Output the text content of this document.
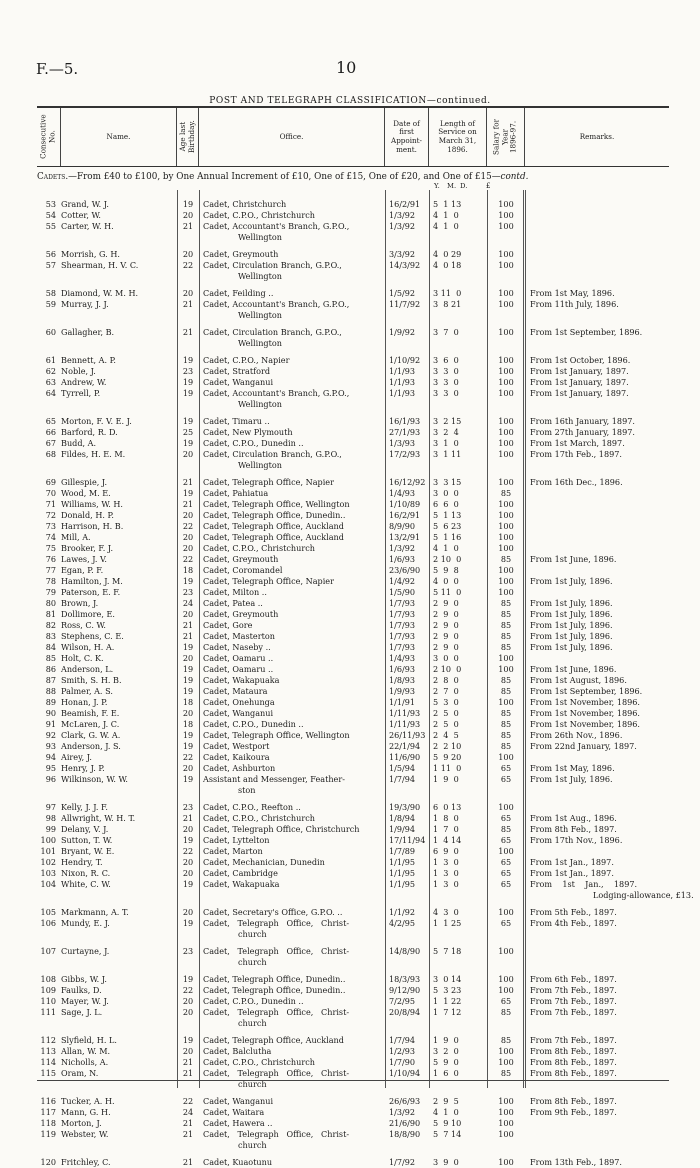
F.—5.	10
POST AND TELEGRAPH CLASSIFICATION—continued.
Consecutive No.	Name.	Age last Birthday.	Office.
Date of first Appoint-ment.
Length of Service on March 31, 1896.	Salary for Year 1896-97.	Remarks.
Cadets.—From £40 to £100, by One Annual Increment of £10, One of £15, One of £20, and One of £15—contd.
Y. M. D.	£
53 Grand, W. J.	19	Cadet, Christchurch	16/2/91 5  1 13	100
54 Cotter, W.	20	Cadet, C.P.O., Christchurch	1/3/92 4  1  0	100
55 Carter, W. H.	21	Cadet, Accountant's Branch, G.P.O.,	1/3/92 4  1  0	100
Wellington
56 Morrish, G. H.	20	Cadet, Greymouth	3/3/92 4  0 29	100
57 Shearman, H. V. C.	22	Cadet, Circulation Branch, G.P.O.,	14/3/92 4  0 18	100
Wellington
58 Diamond, W. M. H.	20	Cadet, Feilding ..	1/5/92 3 11  0	100	From 1st May, 1896.
59 Murray, J. J.	21	Cadet, Accountant's Branch, G.P.O.,	11/7/92 3  8 21	100	From 11th July, 1896.
Wellington
60 Gallagher, B.	21	Cadet, Circulation Branch, G.P.O.,	1/9/92 3  7  0	100	From 1st September, 1896.
Wellington
61 Bennett, A. P.	19	Cadet, C.P.O., Napier	1/10/92 3  6  0	100	From 1st October, 1896.
62 Noble, J.	23	Cadet, Stratford	1/1/93 3  3  0	100	From 1st January, 1897.
63 Andrew, W.	19	Cadet, Wanganui	1/1/93 3  3  0	100	From 1st January, 1897.
64 Tyrrell, P.	19	Cadet, Accountant's Branch, G.P.O.,	1/1/93 3  3  0	100	From 1st January, 1897.
Wellington
65 Morton, F. V. E. J.	19	Cadet, Timaru ..	16/1/93 3  2 15	100	From 16th January, 1897.
66 Barford, R. D.	25	Cadet, New Plymouth	27/1/93 3  2  4	100	From 27th January, 1897.
67 Budd, A.	19	Cadet, C.P.O., Dunedin ..	1/3/93 3  1  0	100	From 1st March, 1897.
68 Fildes, H. E. M.	20	Cadet, Circulation Branch, G.P.O.,	17/2/93 3  1 11	100	From 17th Feb., 1897.
Wellington
69 Gillespie, J.	21	Cadet, Telegraph Office, Napier	16/12/92 3  3 15	100	From 16th Dec., 1896.
70 Wood, M. E.	19	Cadet, Pahiatua	1/4/93 3  0  0	85
71 Williams, W. H.	21	Cadet, Telegraph Office, Wellington	1/10/89 6  6  0	100
72 Donald, H. P.	20	Cadet, Telegraph Office, Dunedin..	16/2/91 5  1 13	100
73 Harrison, H. B.	22	Cadet, Telegraph Office, Auckland	8/9/90 5  6 23	100
74 Mill, A.	20	Cadet, Telegraph Office, Auckland	13/2/91 5  1 16	100
75 Brooker, F. J.	20	Cadet, C.P.O., Christchurch	1/3/92 4  1  0	100
76 Lawes, J. V.	22	Cadet, Greymouth	1/6/93 2 10  0	85	From 1st June, 1896.
77 Egan, P. F.	18	Cadet, Coromandel	23/6/90 5  9  8	100
78 Hamilton, J. M.	19	Cadet, Telegraph Office, Napier	1/4/92 4  0  0	100	From 1st July, 1896.
79 Paterson, E. F.	23	Cadet, Milton ..	1/5/90 5 11  0	100
80 Brown, J.	24	Cadet, Patea ..	1/7/93 2  9  0	85	From 1st July, 1896.
81 Dollimore, E.	20	Cadet, Greymouth	1/7/93 2  9  0	85	From 1st July, 1896.
82 Ross, C. W.	21	Cadet, Gore	1/7/93 2  9  0	85	From 1st July, 1896.
83 Stephens, C. E.	21	Cadet, Masterton	1/7/93 2  9  0	85	From 1st July, 1896.
84 Wilson, H. A.	19	Cadet, Naseby ..	1/7/93 2  9  0	85	From 1st July, 1896.
85 Holt, C. K.	20	Cadet, Oamaru ..	1/4/93 3  0  0	100
86 Anderson, L.	19	Cadet, Oamaru ..	1/6/93 2 10  0	100	From 1st June, 1896.
87 Smith, S. H. B.	19	Cadet, Wakapuaka	1/8/93 2  8  0	85	From 1st August, 1896.
88 Palmer, A. S.	19	Cadet, Mataura	1/9/93 2  7  0	85	From 1st September, 1896.
89 Honan, J. P.	18	Cadet, Onehunga	1/1/91 5  3  0	100	From 1st November, 1896.
90 Beamish, F. E.	20	Cadet, Wanganui	1/11/93 2  5  0	85	From 1st November, 1896.
91 McLaren, J. C.	18	Cadet, C.P.O., Dunedin ..	1/11/93 2  5  0	85	From 1st November, 1896.
92 Clark, G. W. A.	19	Cadet, Telegraph Office, Wellington	26/11/93 2  4  5	85	From 26th Nov., 1896.
93 Anderson, J. S.	19	Cadet, Westport	22/1/94 2  2 10	85	From 22nd January, 1897.
94 Airey, J.	22	Cadet, Kaikoura	11/6/90 5  9 20	100
95 Henry, J. P.	20	Cadet, Ashburton	1/5/94 1 11  0	65	From 1st May, 1896.
96 Wilkinson, W. W.	19	Assistant and Messenger, Feather-	1/7/94 1  9  0	65	From 1st July, 1896.
ston
97 Kelly, J. J. F.	23	Cadet, C.P.O., Reefton ..	19/3/90 6  0 13	100
98 Allwright, W. H. T.	21	Cadet, C.P.O., Christchurch	1/8/94 1  8  0	65	From 1st Aug., 1896.
99 Delany, V. J.	20	Cadet, Telegraph Office, Christchurch	1/9/94 1  7  0	85	From 8th Feb., 1897.
100 Sutton, T. W.	19	Cadet, Lyttelton	17/11/94 1  4 14	65	From 17th Nov., 1896.
101 Bryant, W. E.	22	Cadet, Marton	1/7/89 6  9  0	100
102 Hendry, T.	20	Cadet, Mechanician, Dunedin	1/1/95 1  3  0	65	From 1st Jan., 1897.
103 Nixon, R. C.	20	Cadet, Cambridge	1/1/95 1  3  0	65	From 1st Jan., 1897.
104 White, C. W.	19	Cadet, Wakapuaka	1/1/95 1  3  0	65	From    1st    Jan.,    1897.
Lodging-allowance, £13.
105 Markmann, A. T.	20	Cadet, Secretary's Office, G.P.O. ..	1/1/92 4  3  0	100	From 5th Feb., 1897.
106 Mundy, E. J.	19	Cadet,   Telegraph   Office,   Christ-	4/2/95 1  1 25	65	From 4th Feb., 1897.
church
107 Curtayne, J.	23	Cadet,   Telegraph   Office,   Christ-	14/8/90 5  7 18	100
church
108 Gibbs, W. J.	19	Cadet, Telegraph Office, Dunedin..	18/3/93 3  0 14	100	From 6th Feb., 1897.
109 Faulks, D.	22	Cadet, Telegraph Office, Dunedin..	9/12/90 5  3 23	100	From 7th Feb., 1897.
110 Mayer, W. J.	20	Cadet, C.P.O., Dunedin ..	7/2/95 1  1 22	65	From 7th Feb., 1897.
111 Sage, J. L.	20	Cadet,   Telegraph   Office,   Christ-	20/8/94 1  7 12	85	From 7th Feb., 1897.
church
112 Slyfield, H. L.	19	Cadet, Telegraph Office, Auckland	1/7/94 1  9  0	85	From 7th Feb., 1897.
113 Allan, W. M.	20	Cadet, Balclutha	1/2/93 3  2  0	100	From 8th Feb., 1897.
114 Nicholls, A.	21	Cadet, C.P.O., Christchurch	1/7/90 5  9  0	100	From 8th Feb., 1897.
115 Oram, N.	21	Cadet,   Telegraph   Office,   Christ-	1/10/94 1  6  0	85	From 8th Feb., 1897.
church
116 Tucker, A. H.	22	Cadet, Wanganui	26/6/93 2  9  5	100	From 8th Feb., 1897.
117 Mann, G. H.	24	Cadet, Waitara	1/3/92 4  1  0	100	From 9th Feb., 1897.
118 Morton, J.	21	Cadet, Hawera ..	21/6/90 5  9 10	100
119 Webster, W.	21	Cadet,   Telegraph   Office,   Christ-	18/8/90 5  7 14	100
church
120 Fritchley, C.	21	Cadet, Kuaotunu	1/7/92 3  9  0	100	From 13th Feb., 1897.
